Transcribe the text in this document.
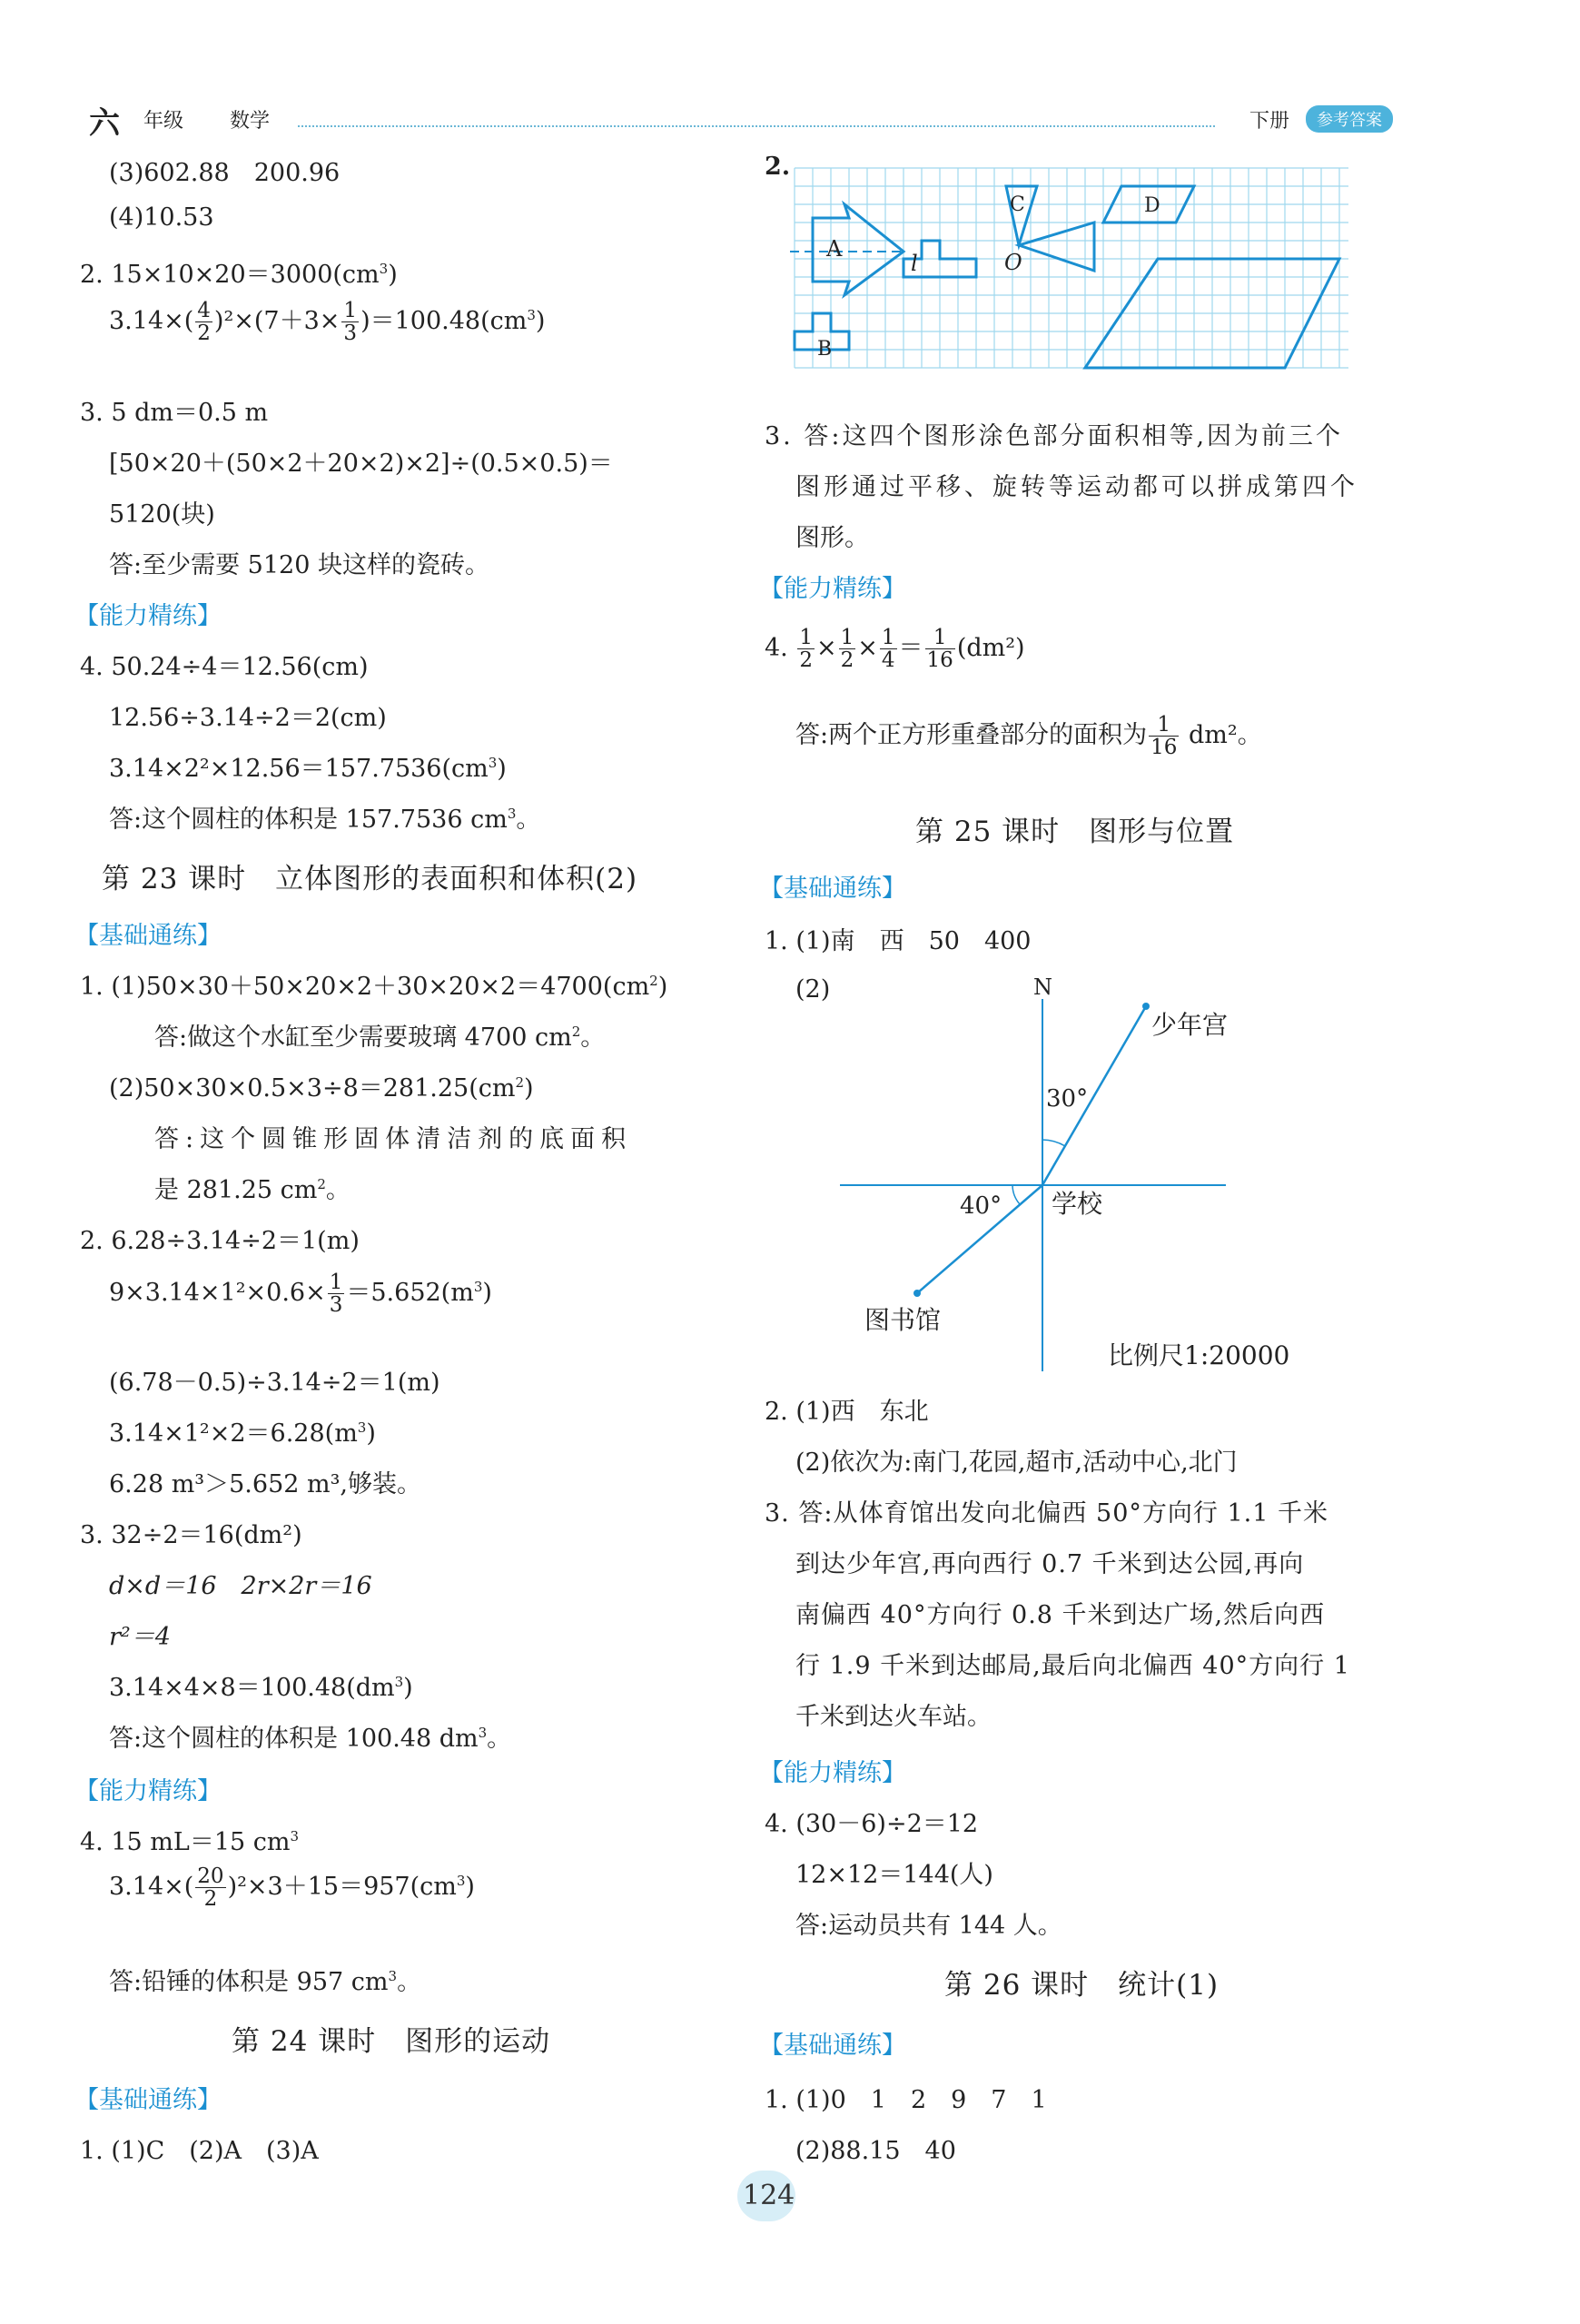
六 年级 数学	下册	参考答案
(3)602.88　200.96
(4)10.53
2. $15\times 10\times 20=3000(cm^3)$
$3.14\times( \frac{4}{2} )^2\times(7+3\times \frac{1}{3} )=100.48(cm^3)$
3. 5 dm＝0.5 m
[50×20＋(50×2＋20×2)×2]÷(0.5×0.5)＝
5120(块)
答:至少需要 5120 块这样的瓷砖。
【能力精练】
4. 50.24÷4＝12.56(cm)
12.56÷3.14÷2＝2(cm)
$3.14\times 2^2\times 12.56=157.7536(cm^3)$
答:这个圆柱的体积是 157.7536 $cm^3$。
第 23 课时　立体图形的表面积和体积(2)
【基础通练】
1. $(1)50\times 30+50\times 20\times 2+30\times 20\times 2=4700(cm^2)$
答:做这个水缸至少需要玻璃 4700 $cm^2$。
$(2)50\times 30\times 0.5\times 3\div 8=281.25(cm^2)$
答:这个圆锥形固体清洁剂的底面积
是 281.25 $cm^2$。
2. 6.28÷3.14÷2＝1(m)
$9\times 3.14\times 1^2\times 0.6\times \frac{1}{3} =5.652(m^3)$
(6.78－0.5)÷3.14÷2＝1(m)
$3.14\times 1^2\times 2=6.28(m^3)$
6.28 m³＞5.652 m³,够装。
3. 32÷2＝16(dm²)
d×d＝16　2r×2r＝16
r²＝4
$3.14\times 4\times 8=100.48(dm^3)$
答:这个圆柱的体积是 100.48 $dm^3$。
【能力精练】
4. 15 mL＝15 $cm^3$
$3.14\times( \frac{20}{2} )^2\times 3+15=957(cm^3)$
答:铅锤的体积是 957 $cm^3$。
第 24 课时　图形的运动
【基础通练】
1. (1)C　(2)A　(3)A
2.
A
B
C	D
l	O
3. 答:这四个图形涂色部分面积相等,因为前三个
图形通过平移、旋转等运动都可以拼成第四个
图形。
【能力精练】
4. $\frac{1}{2} \times \frac{1}{2} \times \frac{1}{4} = \frac{1}{16} (dm^2)$
答:两个正方形重叠部分的面积为 $\frac{1}{16} dm^2$。
第 25 课时　图形与位置
【基础通练】
1. (1)南　西　50　400
(2)	N
少年宫
30°
40° 学校
图书馆
比例尺1:20000
2. (1)西　东北
(2)依次为:南门,花园,超市,活动中心,北门
3. 答:从体育馆出发向北偏西 50°方向行 1.1 千米
到达少年宫,再向西行 0.7 千米到达公园,再向
南偏西 40°方向行 0.8 千米到达广场,然后向西
行 1.9 千米到达邮局,最后向北偏西 40°方向行 1
千米到达火车站。
【能力精练】
4. (30－6)÷2＝12
12×12＝144(人)
答:运动员共有 144 人。
第 26 课时　统计(1)
【基础通练】
1. (1)0　1　2　9　7　1
(2)88.15　40
124
